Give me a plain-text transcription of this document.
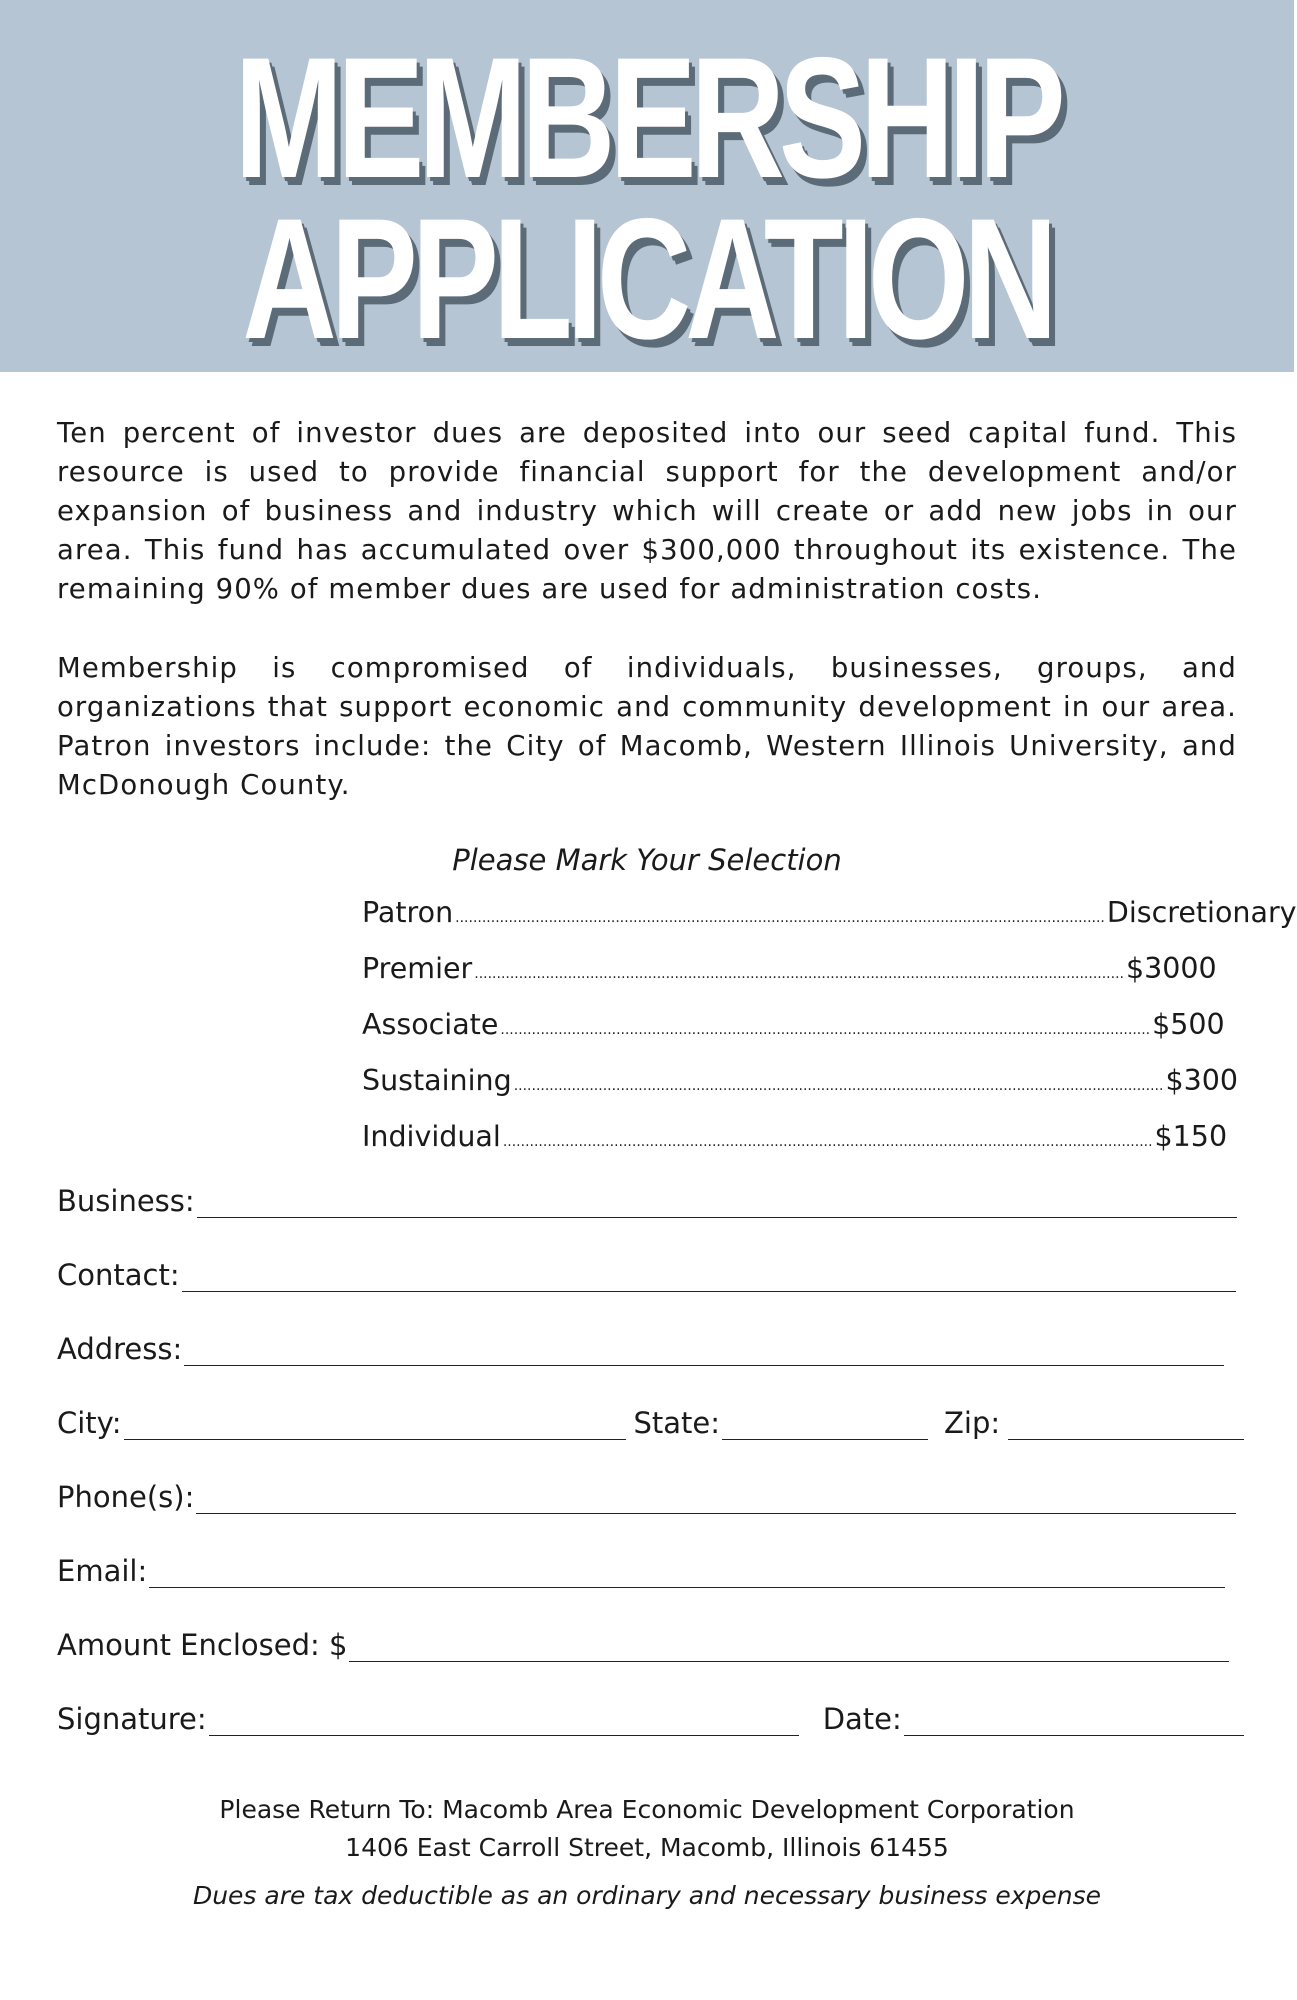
MEMBERSHIP
APPLICATION

Ten percent of investor dues are deposited into our seed capital fund. This resource is used to provide financial support for the development and/or expansion of business and industry which will create or add new jobs in our area. This fund has accumulated over $300,000 throughout its existence. The remaining 90% of member dues are used for administration costs.

Membership is compromised of individuals, businesses, groups, and organizations that support economic and community development in our area. Patron investors include: the City of Macomb, Western Illinois University, and McDonough County.

Please Mark Your Selection

Patron .................................................................................................................................................. Discretionary
Premier .................................................................................................................................................. $3000
Associate .................................................................................................................................................. $500
Sustaining .................................................................................................................................................. $300
Individual .................................................................................................................................................. $150
Business:
Contact:
Address:
City:	State:	Zip:
Phone(s):
Email:
Amount Enclosed: $
Signature:	Date:

Please Return To: Macomb Area Economic Development Corporation

1406 East Carroll Street, Macomb, Illinois 61455

Dues are tax deductible as an ordinary and necessary business expense
